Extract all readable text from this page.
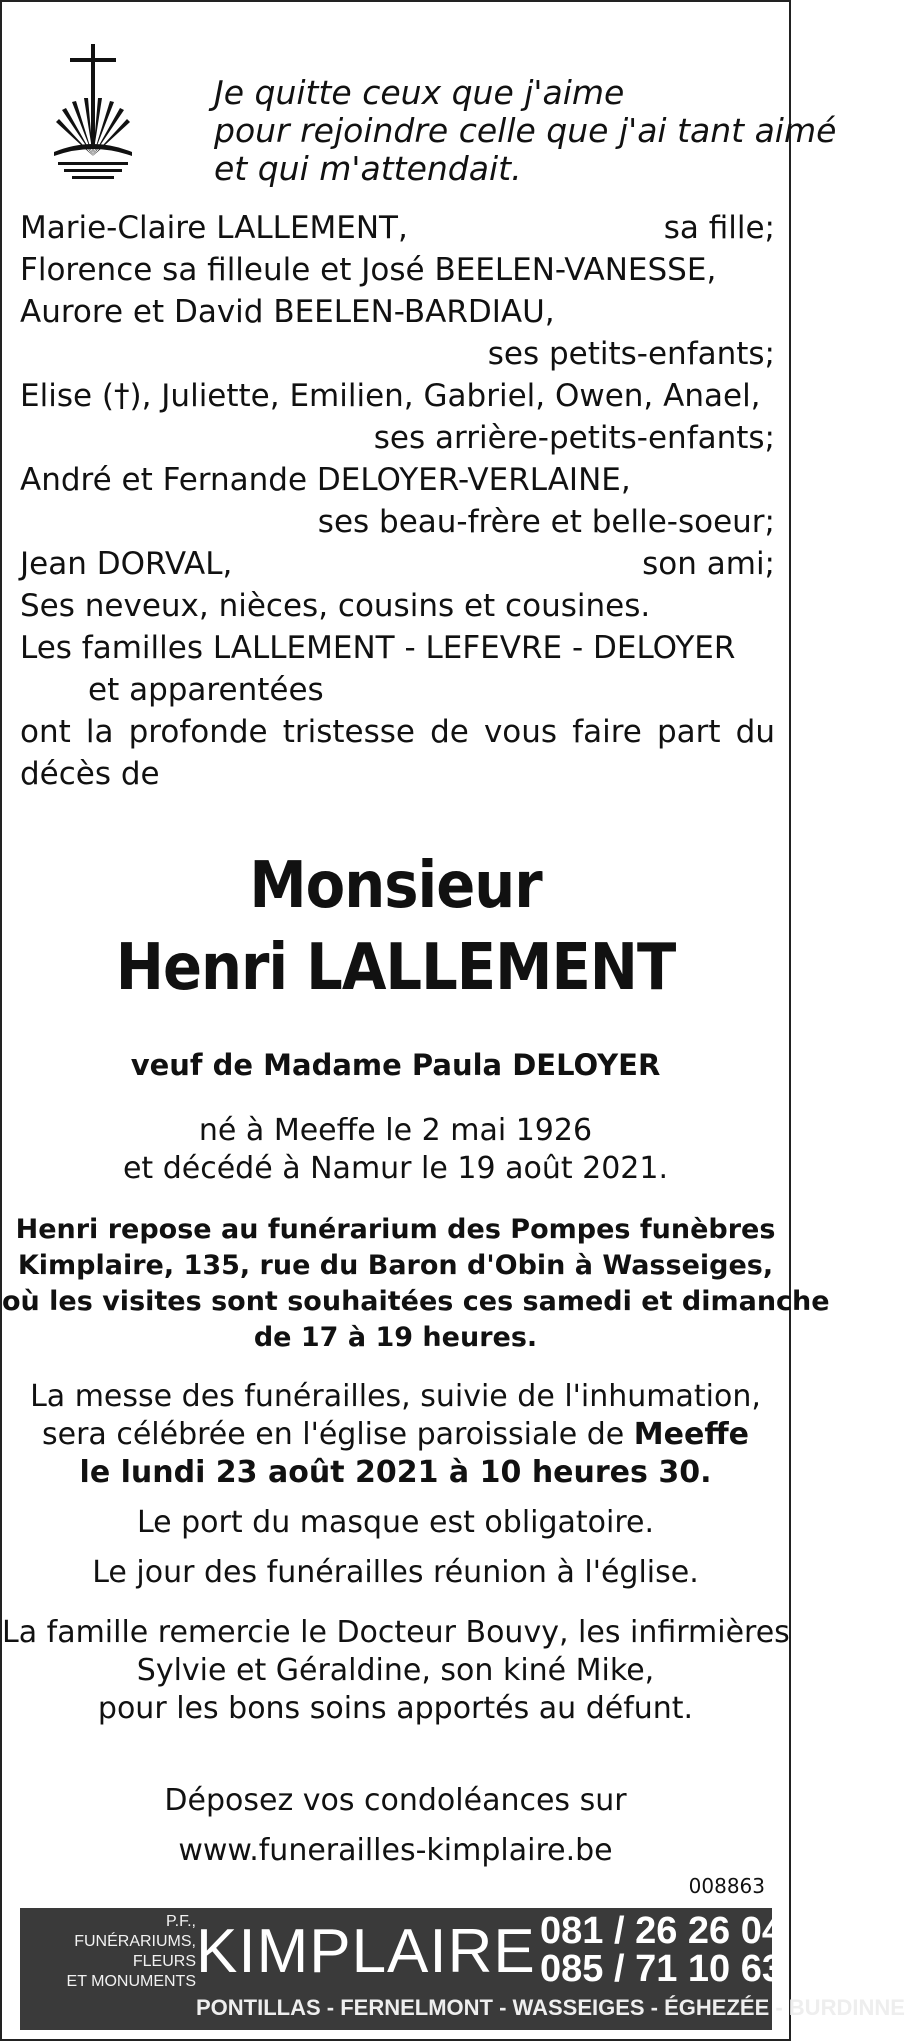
Je quitte ceux que j'aime
pour rejoindre celle que j'ai tant aimé
et qui m'attendait.
Marie-Claire LALLEMENT,	sa fille;
Florence sa filleule et José BEELEN-VANESSE,
Aurore et David BEELEN-BARDIAU,
ses petits-enfants;
Elise (†), Juliette, Emilien, Gabriel, Owen, Anael,
ses arrière-petits-enfants;
André et Fernande DELOYER-VERLAINE,
ses beau-frère et belle-soeur;
Jean DORVAL,	son ami;
Ses neveux, nièces, cousins et cousines.
Les familles LALLEMENT - LEFEVRE - DELOYER
et apparentées
ont la profonde tristesse de vous faire part du
décès de
Monsieur
Henri LALLEMENT
veuf de Madame Paula DELOYER
né à Meeffe le 2 mai 1926
et décédé à Namur le 19 août 2021.
Henri repose au funérarium des Pompes funèbres
Kimplaire, 135, rue du Baron d'Obin à Wasseiges,
où les visites sont souhaitées ces samedi et dimanche
de 17 à 19 heures.
La messe des funérailles, suivie de l'inhumation,
sera célébrée en l'église paroissiale de Meeffe
le lundi 23 août 2021 à 10 heures 30.
Le port du masque est obligatoire.
Le jour des funérailles réunion à l'église.
La famille remercie le Docteur Bouvy, les infirmières
Sylvie et Géraldine, son kiné Mike,
pour les bons soins apportés au défunt.
Déposez vos condoléances sur
www.funerailles-kimplaire.be
008863
P.F.,
FUNÉRARIUMS,
FLEURS
ET MONUMENTS KIMPLAIRE 081 / 26 26 04
085 / 71 10 63
PONTILLAS - FERNELMONT - WASSEIGES - ÉGHEZÉE - BURDINNE
